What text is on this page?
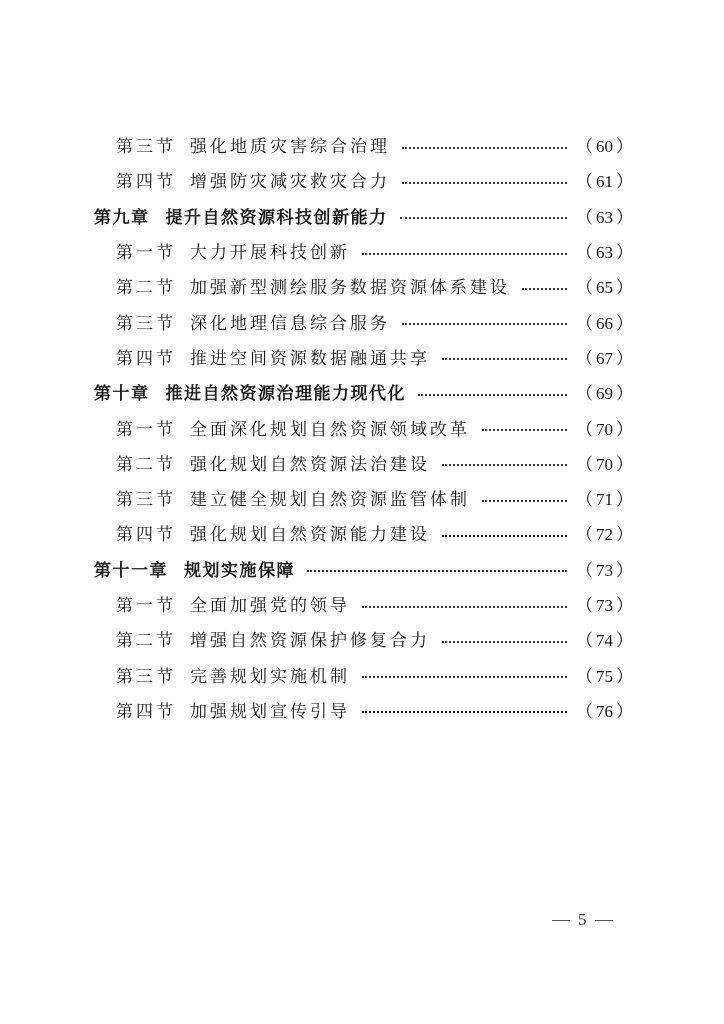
第三节 强化地质灾害综合治理	（ 60 ）
第四节 增强防灾减灾救灾合力	（ 61 ）
第九章 提升自然资源科技创新能力	（ 63 ）
第一节 大力开展科技创新	（ 63 ）
第二节 加强新型测绘服务数据资源体系建设	（ 65 ）
第三节 深化地理信息综合服务	（ 66 ）
第四节 推进空间资源数据融通共享	（ 67 ）
第十章 推进自然资源治理能力现代化	（ 69 ）
第一节 全面深化规划自然资源领域改革	（ 70 ）
第二节 强化规划自然资源法治建设	（ 70 ）
第三节 建立健全规划自然资源监管体制	（ 71 ）
第四节 强化规划自然资源能力建设	（ 72 ）
第十一章 规划实施保障	（ 73 ）
第一节 全面加强党的领导	（ 73 ）
第二节 增强自然资源保护修复合力	（ 74 ）
第三节 完善规划实施机制	（ 75 ）
第四节 加强规划宣传引导	（ 76 ）
5
